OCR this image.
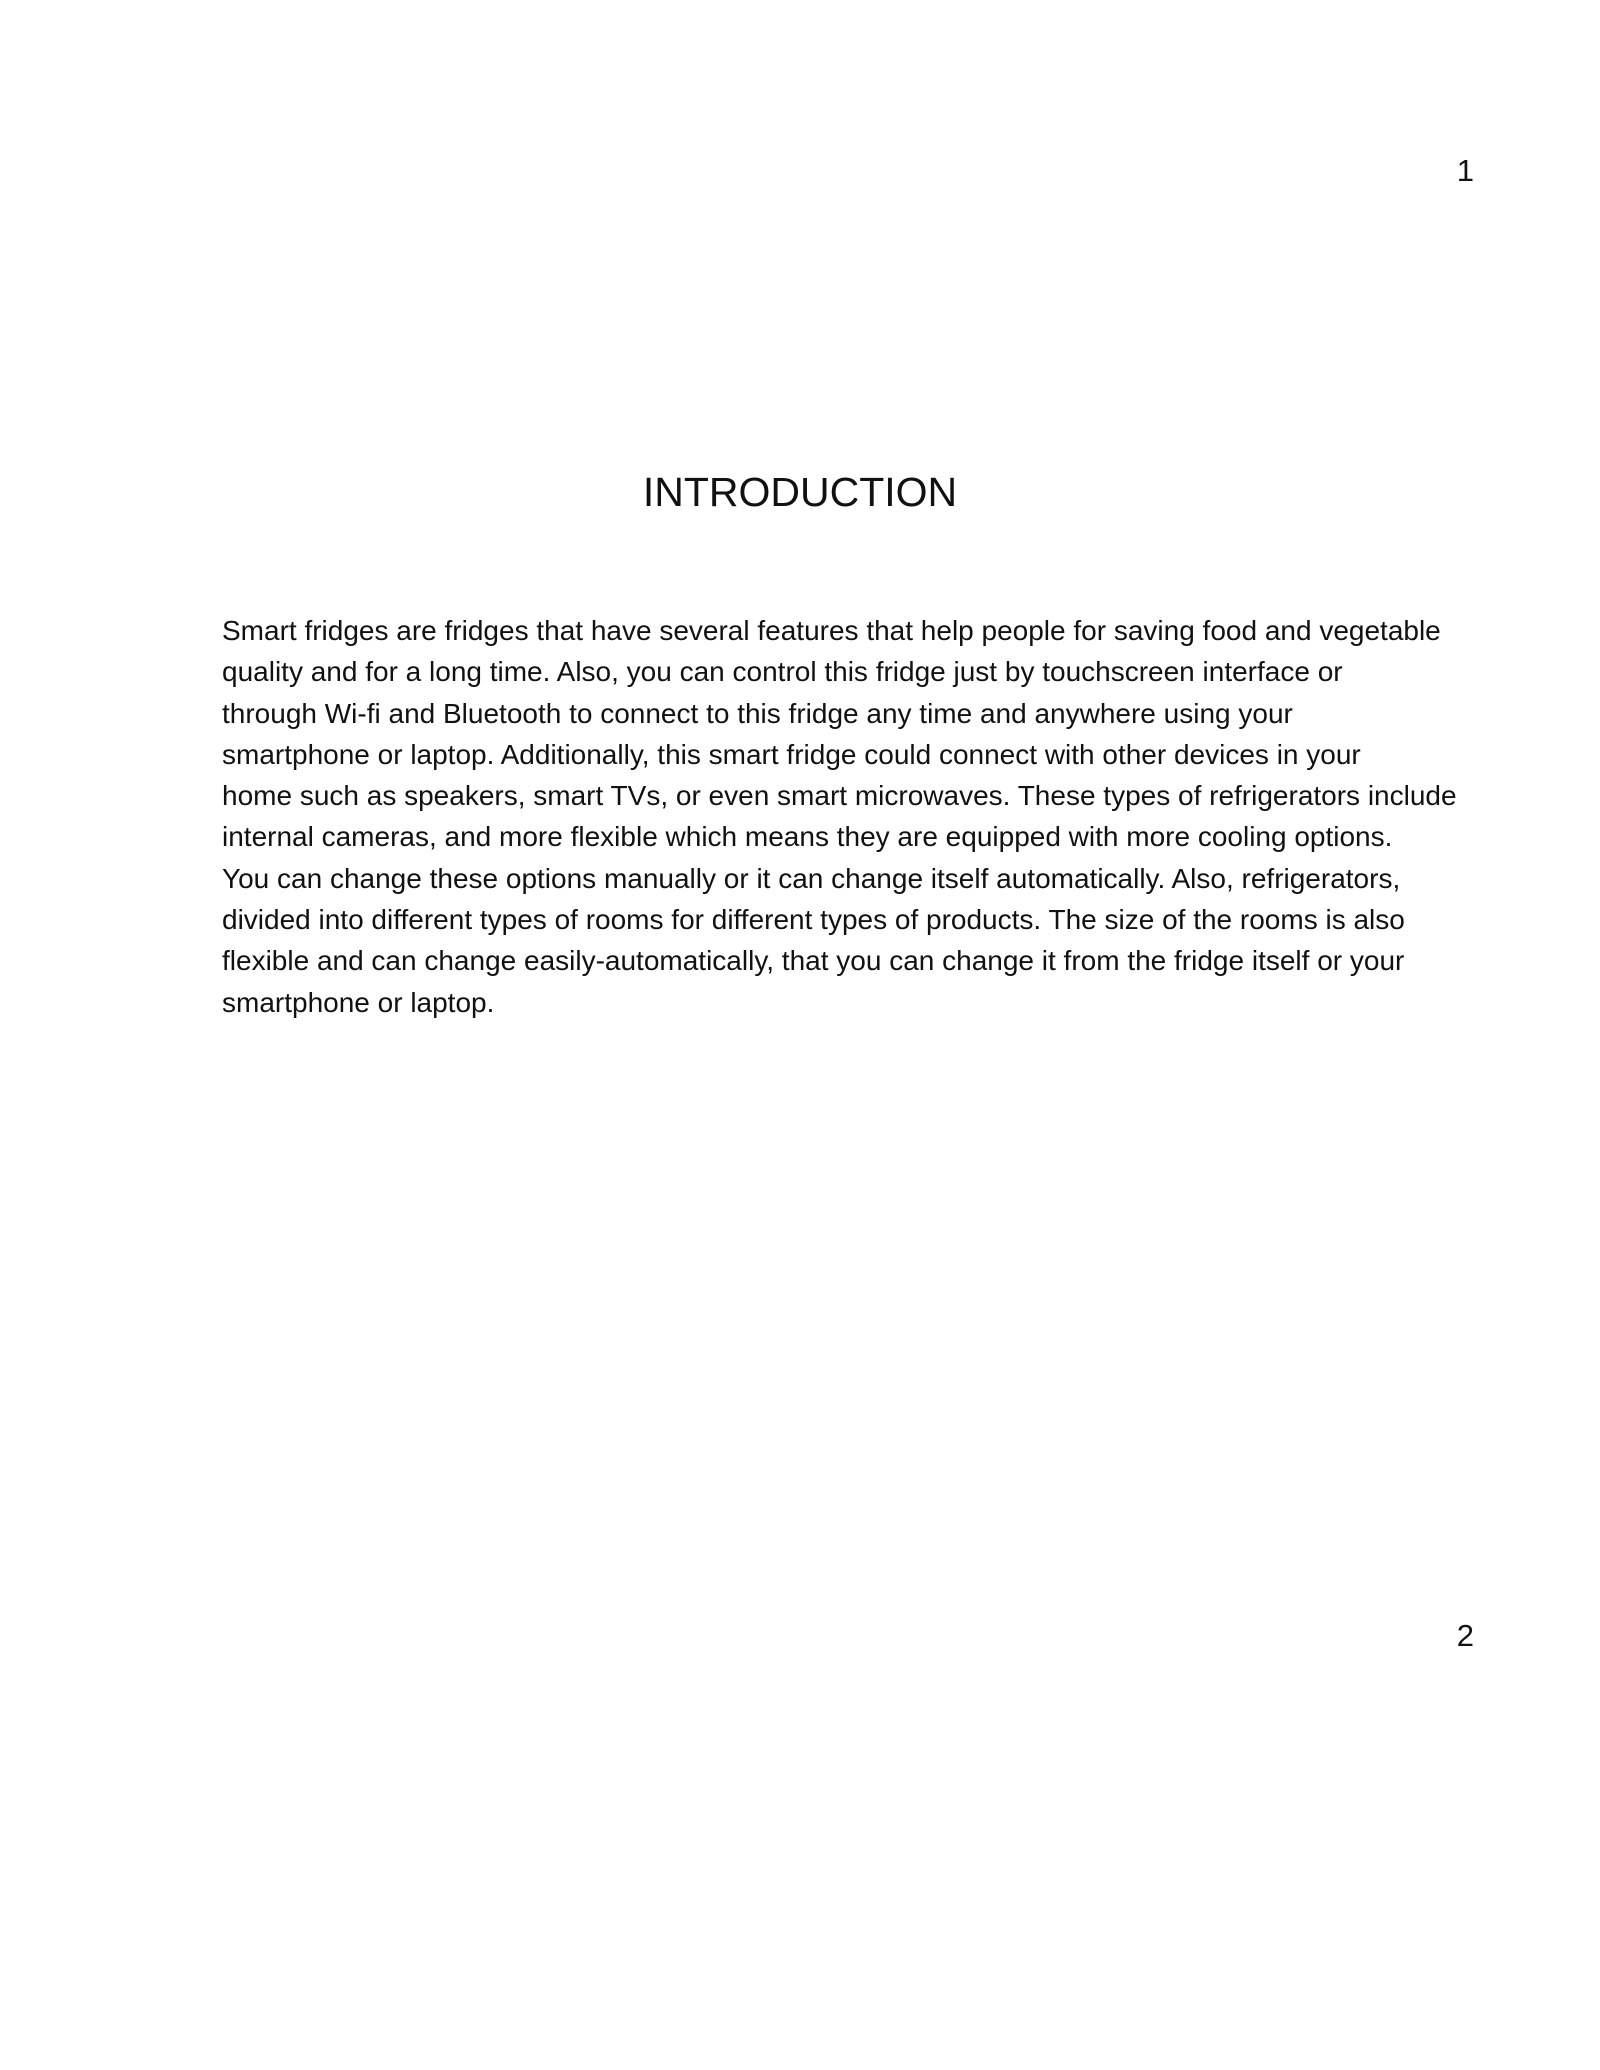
1
INTRODUCTION
Smart fridges are fridges that have several features that help people for saving food and vegetable
quality and for a long time. Also, you can control this fridge just by touchscreen interface or
through Wi-fi and Bluetooth to connect to this fridge any time and anywhere using your
smartphone or laptop. Additionally, this smart fridge could connect with other devices in your
home such as speakers, smart TVs, or even smart microwaves. These types of refrigerators include
internal cameras, and more flexible which means they are equipped with more cooling options.
You can change these options manually or it can change itself automatically. Also, refrigerators,
divided into different types of rooms for different types of products. The size of the rooms is also
flexible and can change easily-automatically, that you can change it from the fridge itself or your
smartphone or laptop.
2
